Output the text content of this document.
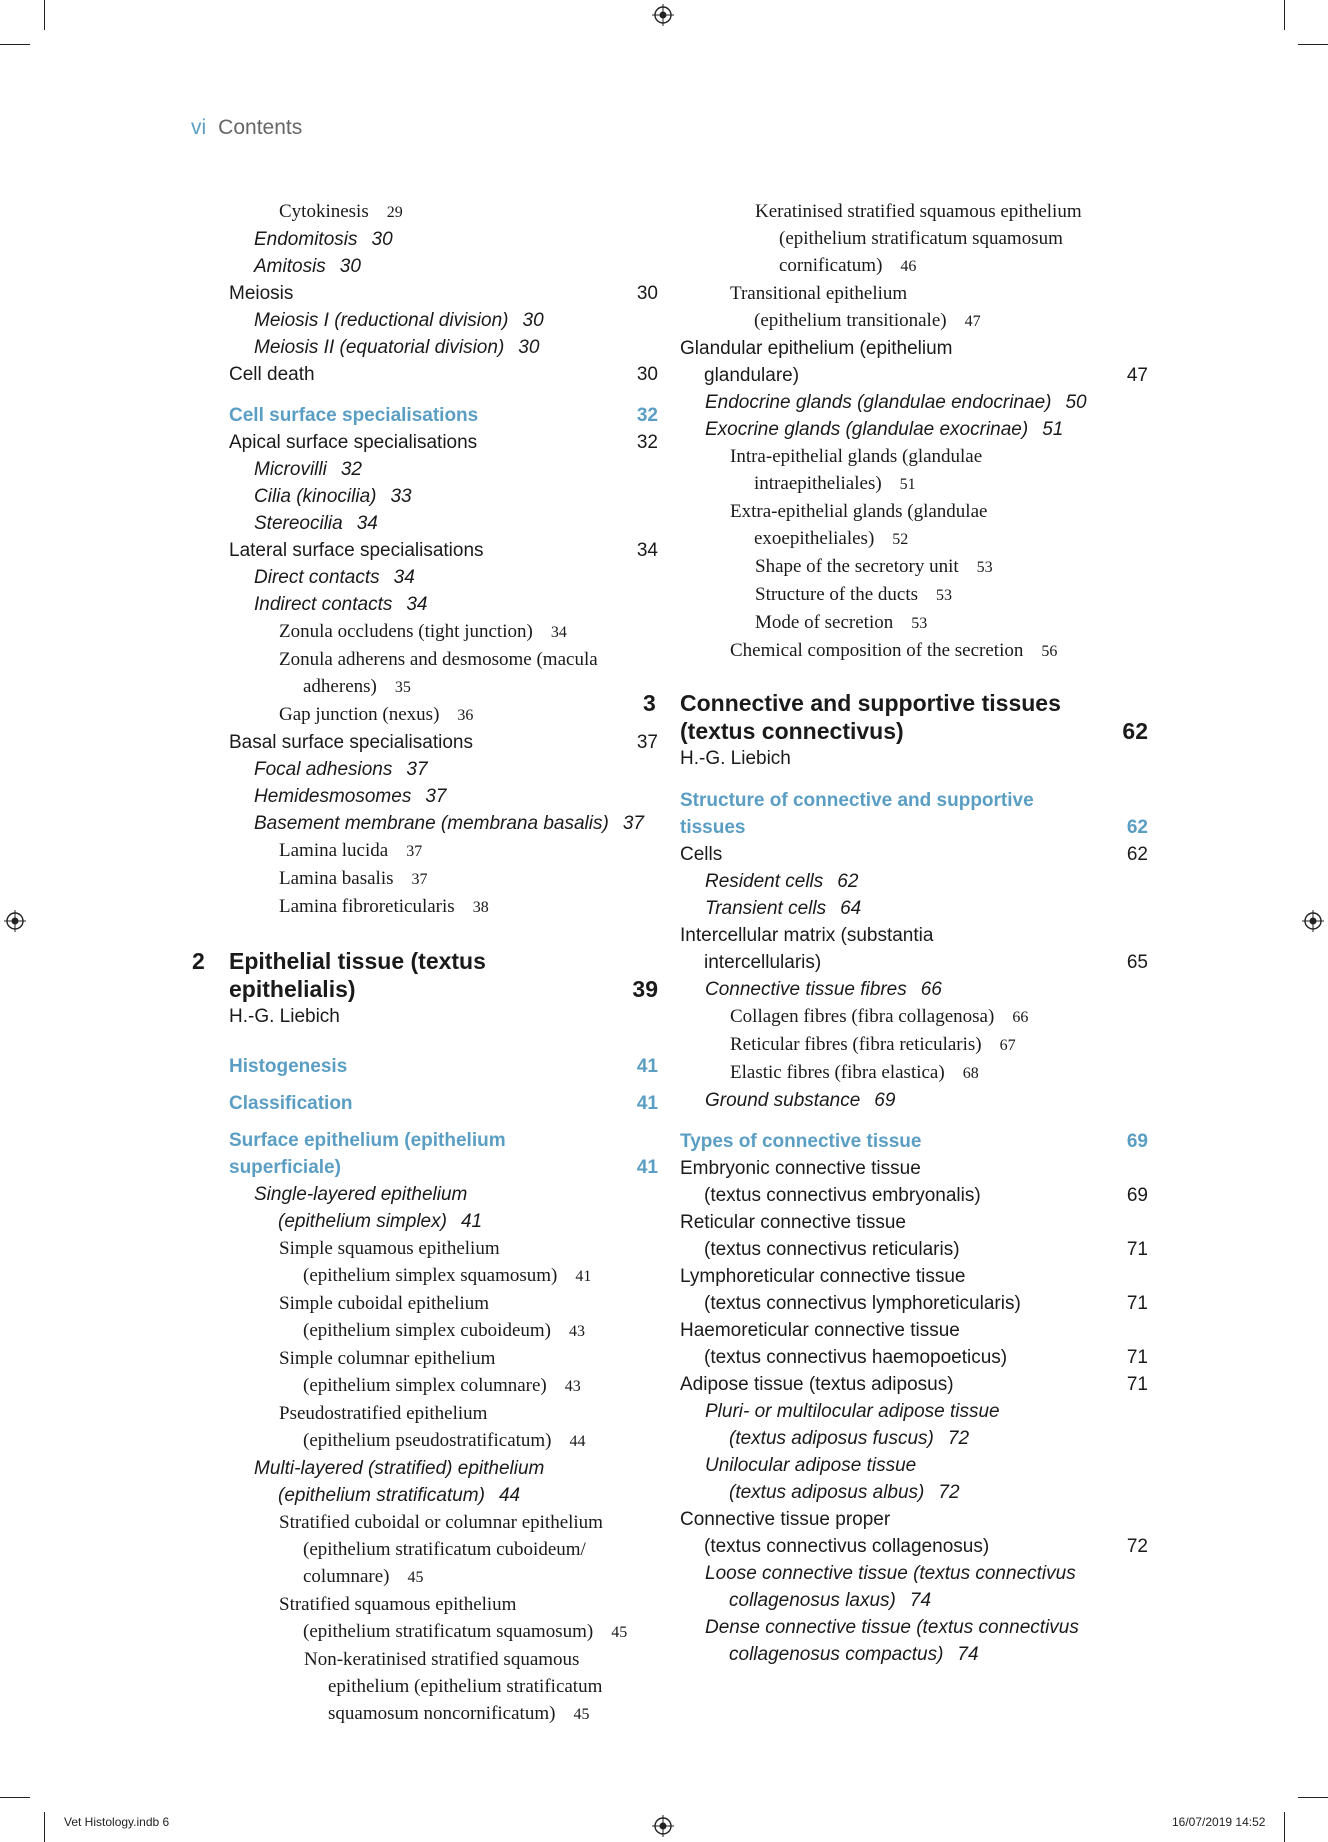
vi Contents
Cytokinesis 29
Endomitosis 30
Amitosis 30
Meiosis	30
Meiosis I (reductional division) 30
Meiosis II (equatorial division) 30
Cell death	30
Cell surface specialisations	32
Apical surface specialisations	32
Microvilli 32
Cilia (kinocilia) 33
Stereocilia 34
Lateral surface specialisations	34
Direct contacts 34
Indirect contacts 34
Zonula occludens (tight junction) 34
Zonula adherens and desmosome (macula
adherens) 35
Gap junction (nexus) 36
Basal surface specialisations	37
Focal adhesions 37
Hemidesmosomes 37
Basement membrane (membrana basalis) 37
Lamina lucida 37
Lamina basalis 37
Lamina fibroreticularis 38
2 Epithelial tissue (textus epithelialis)	39
H.-G. Liebich
Histogenesis	41
Classification	41
Surface epithelium (epithelium superficiale)	41
Single-layered epithelium
(epithelium simplex) 41
Simple squamous epithelium
(epithelium simplex squamosum) 41
Simple cuboidal epithelium
(epithelium simplex cuboideum) 43
Simple columnar epithelium
(epithelium simplex columnare) 43
Pseudostratified epithelium
(epithelium pseudostratificatum) 44
Multi-layered (stratified) epithelium
(epithelium stratificatum) 44
Stratified cuboidal or columnar epithelium
(epithelium stratificatum cuboideum/
columnare) 45
Stratified squamous epithelium
(epithelium stratificatum squamosum) 45
Non-keratinised stratified squamous
epithelium (epithelium stratificatum
squamosum noncornificatum) 45
Keratinised stratified squamous epithelium
(epithelium stratificatum squamosum
cornificatum) 46
Transitional epithelium
(epithelium transitionale) 47
Glandular epithelium (epithelium
glandulare)	47
Endocrine glands (glandulae endocrinae) 50
Exocrine glands (glandulae exocrinae) 51
Intra-epithelial glands (glandulae
intraepitheliales) 51
Extra-epithelial glands (glandulae
exoepitheliales) 52
Shape of the secretory unit 53
Structure of the ducts 53
Mode of secretion 53
Chemical composition of the secretion 56
3 Connective and supportive tissues
(textus connectivus)	62
H.-G. Liebich
Structure of connective and supportive
tissues	62
Cells	62
Resident cells 62
Transient cells 64
Intercellular matrix (substantia
intercellularis)	65
Connective tissue fibres 66
Collagen fibres (fibra collagenosa) 66
Reticular fibres (fibra reticularis) 67
Elastic fibres (fibra elastica) 68
Ground substance 69
Types of connective tissue	69
Embryonic connective tissue
(textus connectivus embryonalis)	69
Reticular connective tissue
(textus connectivus reticularis)	71
Lymphoreticular connective tissue
(textus connectivus lymphoreticularis)	71
Haemoreticular connective tissue
(textus connectivus haemopoeticus)	71
Adipose tissue (textus adiposus)	71
Pluri- or multilocular adipose tissue
(textus adiposus fuscus) 72
Unilocular adipose tissue
(textus adiposus albus) 72
Connective tissue proper
(textus connectivus collagenosus)	72
Loose connective tissue (textus connectivus
collagenosus laxus) 74
Dense connective tissue (textus connectivus
collagenosus compactus) 74
Vet Histology.indb 6	16/07/2019 14:52
